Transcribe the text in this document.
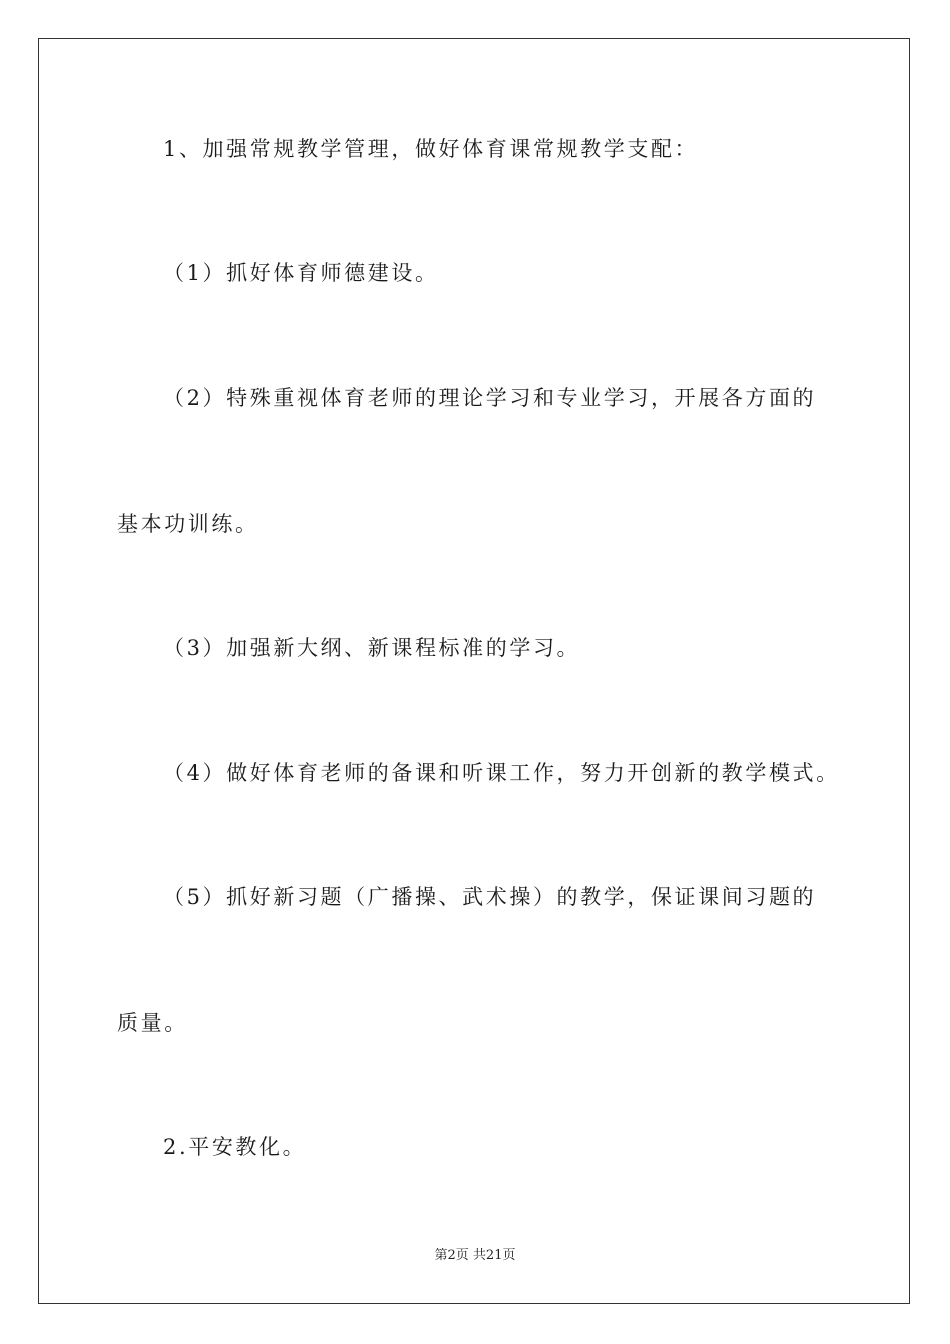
1、加强常规教学管理，做好体育课常规教学支配：

（1）抓好体育师德建设。

（2）特殊重视体育老师的理论学习和专业学习，开展各方面的

基本功训练。

（3）加强新大纲、新课程标准的学习。

（4）做好体育老师的备课和听课工作，努力开创新的教学模式。

（5）抓好新习题（广播操、武术操）的教学，保证课间习题的

质量。

2.平安教化。

第2页 共21页
